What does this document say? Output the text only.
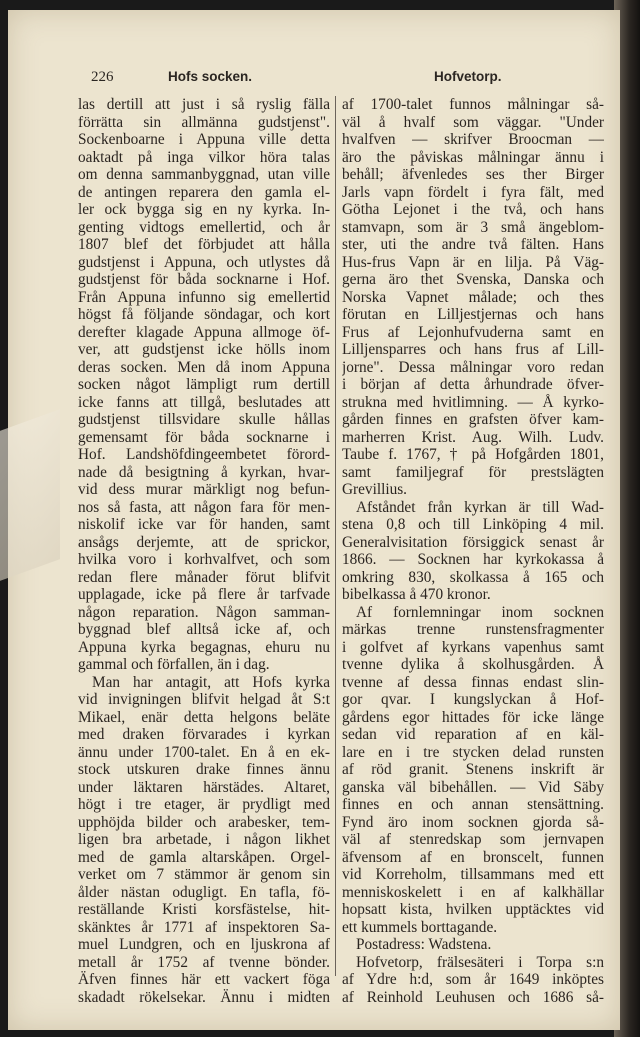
226	Hofs socken.	Hofvetorp.
las dertill att just i så ryslig fälla
förrätta sin allmänna gudstjenst".
Sockenboarne i Appuna ville detta
oaktadt på inga vilkor höra talas
om denna sammanbyggnad, utan ville
de antingen reparera den gamla el-
ler ock bygga sig en ny kyrka. In-
genting vidtogs emellertid, och år
1807 blef det förbjudet att hålla
gudstjenst i Appuna, och utlystes då
gudstjenst för båda socknarne i Hof.
Från Appuna infunno sig emellertid
högst få följande söndagar, och kort
derefter klagade Appuna allmoge öf-
ver, att gudstjenst icke hölls inom
deras socken. Men då inom Appuna
socken något lämpligt rum dertill
icke fanns att tillgå, beslutades att
gudstjenst tillsvidare skulle hållas
gemensamt för båda socknarne i
Hof. Landshöfdingeembetet förord-
nade då besigtning å kyrkan, hvar-
vid dess murar märkligt nog befun-
nos så fasta, att någon fara för men-
niskolif icke var för handen, samt
ansågs derjemte, att de sprickor,
hvilka voro i korhvalfvet, och som
redan flere månader förut blifvit
upplagade, icke på flere år tarfvade
någon reparation. Någon samman-
byggnad blef alltså icke af, och
Appuna kyrka begagnas, ehuru nu
gammal och förfallen, än i dag.
Man har antagit, att Hofs kyrka
vid invigningen blifvit helgad åt S:t
Mikael, enär detta helgons beläte
med draken förvarades i kyrkan
ännu under 1700-talet. En å en ek-
stock utskuren drake finnes ännu
under läktaren härstädes. Altaret,
högt i tre etager, är prydligt med
upphöjda bilder och arabesker, tem-
ligen bra arbetade, i någon likhet
med de gamla altarskåpen. Orgel-
verket om 7 stämmor är genom sin
ålder nästan odugligt. En tafla, fö-
reställande Kristi korsfästelse, hit-
skänktes år 1771 af inspektoren Sa-
muel Lundgren, och en ljuskrona af
metall år 1752 af tvenne bönder.
Äfven finnes här ett vackert föga
skadadt rökelsekar. Ännu i midten
af 1700-talet funnos målningar så-
väl å hvalf som väggar. "Under
hvalfven — skrifver Broocman —
äro the påviskas målningar ännu i
behåll; äfvenledes ses ther Birger
Jarls vapn fördelt i fyra fält, med
Götha Lejonet i the två, och hans
stamvapn, som är 3 små ängeblom-
ster, uti the andre två fälten. Hans
Hus-frus Vapn är en lilja. På Väg-
gerna äro thet Svenska, Danska och
Norska Vapnet målade; och thes
förutan en Lilljestjernas och hans
Frus af Lejonhufvuderna samt en
Lilljensparres och hans frus af Lill-
jorne". Dessa målningar voro redan
i början af detta århundrade öfver-
strukna med hvitlimning. — Å kyrko-
gården finnes en grafsten öfver kam-
marherren Krist. Aug. Wilh. Ludv.
Taube f. 1767, † på Hofgården 1801,
samt familjegraf för prestslägten
Grevillius.
Afståndet från kyrkan är till Wad-
stena 0,8 och till Linköping 4 mil.
Generalvisitation försiggick senast år
1866. — Socknen har kyrkokassa å
omkring 830, skolkassa å 165 och
bibelkassa å 470 kronor.
Af fornlemningar inom socknen
märkas trenne runstensfragmenter
i golfvet af kyrkans vapenhus samt
tvenne dylika å skolhusgården. Å
tvenne af dessa finnas endast slin-
gor qvar. I kungslyckan å Hof-
gårdens egor hittades för icke länge
sedan vid reparation af en käl-
lare en i tre stycken delad runsten
af röd granit. Stenens inskrift är
ganska väl bibehållen. — Vid Säby
finnes en och annan stensättning.
Fynd äro inom socknen gjorda så-
väl af stenredskap som jernvapen
äfvensom af en bronscelt, funnen
vid Korreholm, tillsammans med ett
menniskoskelett i en af kalkhällar
hopsatt kista, hvilken upptäcktes vid
ett kummels borttagande.
Postadress: Wadstena.
Hofvetorp, frälsesäteri i Torpa s:n
af Ydre h:d, som år 1649 inköptes
af Reinhold Leuhusen och 1686 så-
